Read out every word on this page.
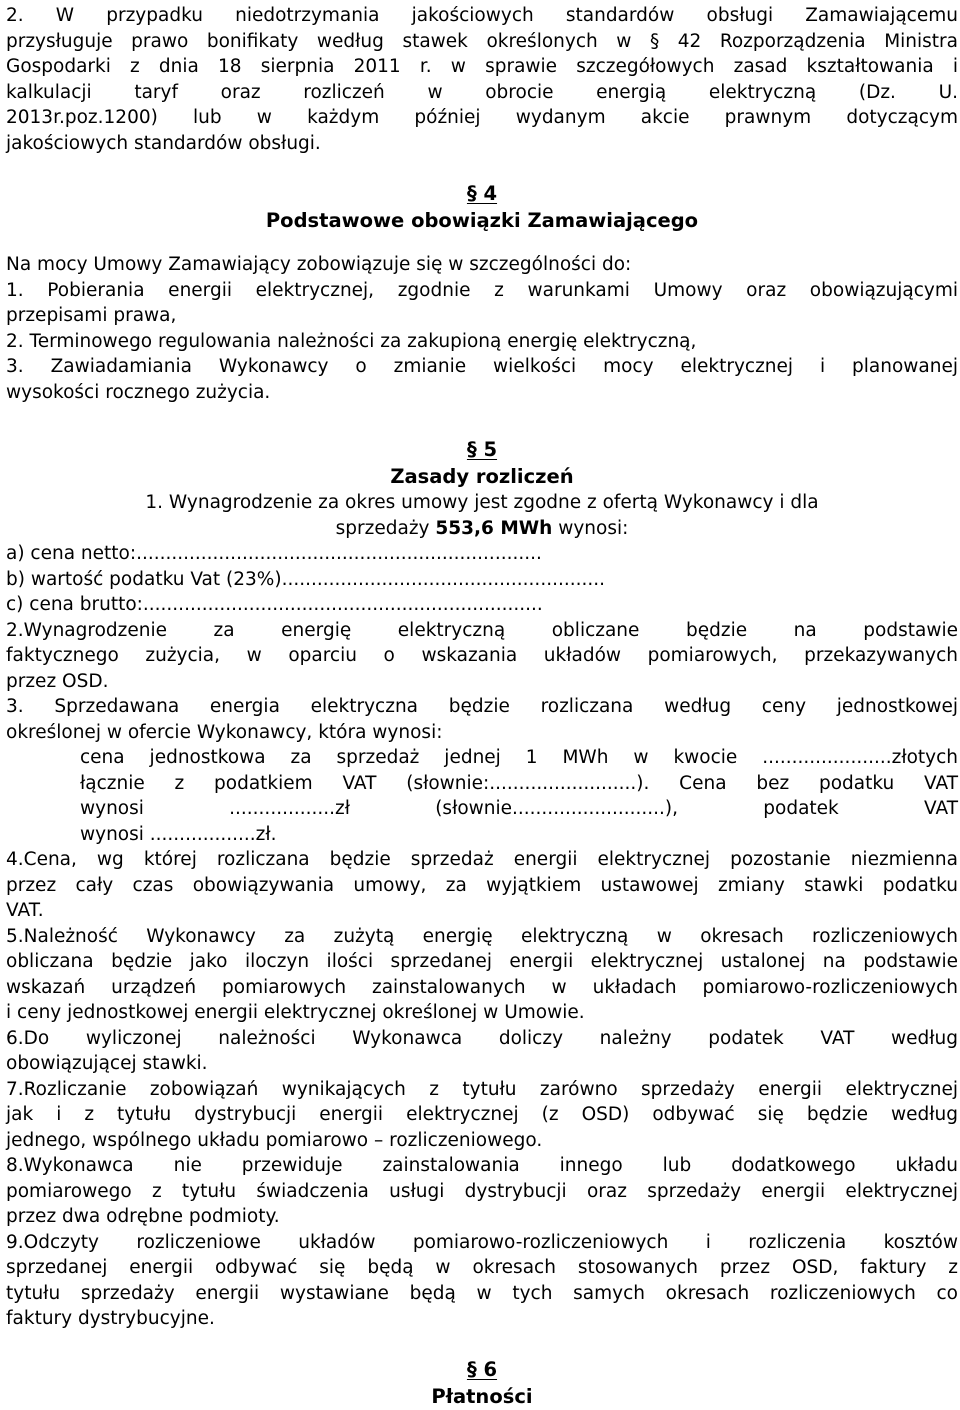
2. W przypadku niedotrzymania jakościowych standardów obsługi Zamawiającemu

przysługuje prawo bonifikaty według stawek określonych w § 42 Rozporządzenia Ministra

Gospodarki z dnia 18 sierpnia 2011 r. w sprawie szczegółowych zasad kształtowania i

kalkulacji taryf oraz rozliczeń w obrocie energią elektryczną (Dz. U.

2013r.poz.1200) lub w każdym później wydanym akcie prawnym dotyczącym

jakościowych standardów obsługi.

§ 4

Podstawowe obowiązki Zamawiającego

Na mocy Umowy Zamawiający zobowiązuje się w szczególności do:

1. Pobierania energii elektrycznej, zgodnie z warunkami Umowy oraz obowiązującymi

przepisami prawa,

2. Terminowego regulowania należności za zakupioną energię elektryczną,

3. Zawiadamiania Wykonawcy o zmianie wielkości mocy elektrycznej i planowanej

wysokości rocznego zużycia.

§ 5

Zasady rozliczeń

1. Wynagrodzenie za okres umowy jest zgodne z ofertą Wykonawcy i dla

sprzedaży 553,6 MWh wynosi:

a) cena netto:.....................................................................

b) wartość podatku Vat (23%).......................................................

c) cena brutto:....................................................................

2.Wynagrodzenie za energię elektryczną obliczane będzie na podstawie

faktycznego zużycia, w oparciu o wskazania układów pomiarowych, przekazywanych

przez OSD.

3. Sprzedawana energia elektryczna będzie rozliczana według ceny jednostkowej

określonej w ofercie Wykonawcy, która wynosi:

cena jednostkowa za sprzedaż jednej 1 MWh w kwocie ......................złotych

łącznie z podatkiem VAT (słownie:.........................). Cena bez podatku VAT

wynosi ..................zł (słownie..........................), podatek VAT

wynosi ..................zł.

4.Cena, wg której rozliczana będzie sprzedaż energii elektrycznej pozostanie niezmienna

przez cały czas obowiązywania umowy, za wyjątkiem ustawowej zmiany stawki podatku

VAT.

5.Należność Wykonawcy za zużytą energię elektryczną w okresach rozliczeniowych

obliczana będzie jako iloczyn ilości sprzedanej energii elektrycznej ustalonej na podstawie

wskazań urządzeń pomiarowych zainstalowanych w układach pomiarowo-rozliczeniowych

i ceny jednostkowej energii elektrycznej określonej w Umowie.

6.Do wyliczonej należności Wykonawca doliczy należny podatek VAT według

obowiązującej stawki.

7.Rozliczanie zobowiązań wynikających z tytułu zarówno sprzedaży energii elektrycznej

jak i z tytułu dystrybucji energii elektrycznej (z OSD) odbywać się będzie według

jednego, wspólnego układu pomiarowo – rozliczeniowego.

8.Wykonawca nie przewiduje zainstalowania innego lub dodatkowego układu

pomiarowego z tytułu świadczenia usługi dystrybucji oraz sprzedaży energii elektrycznej

przez dwa odrębne podmioty.

9.Odczyty rozliczeniowe układów pomiarowo-rozliczeniowych i rozliczenia kosztów

sprzedanej energii odbywać się będą w okresach stosowanych przez OSD, faktury z

tytułu sprzedaży energii wystawiane będą w tych samych okresach rozliczeniowych co

faktury dystrybucyjne.

§ 6

Płatności
